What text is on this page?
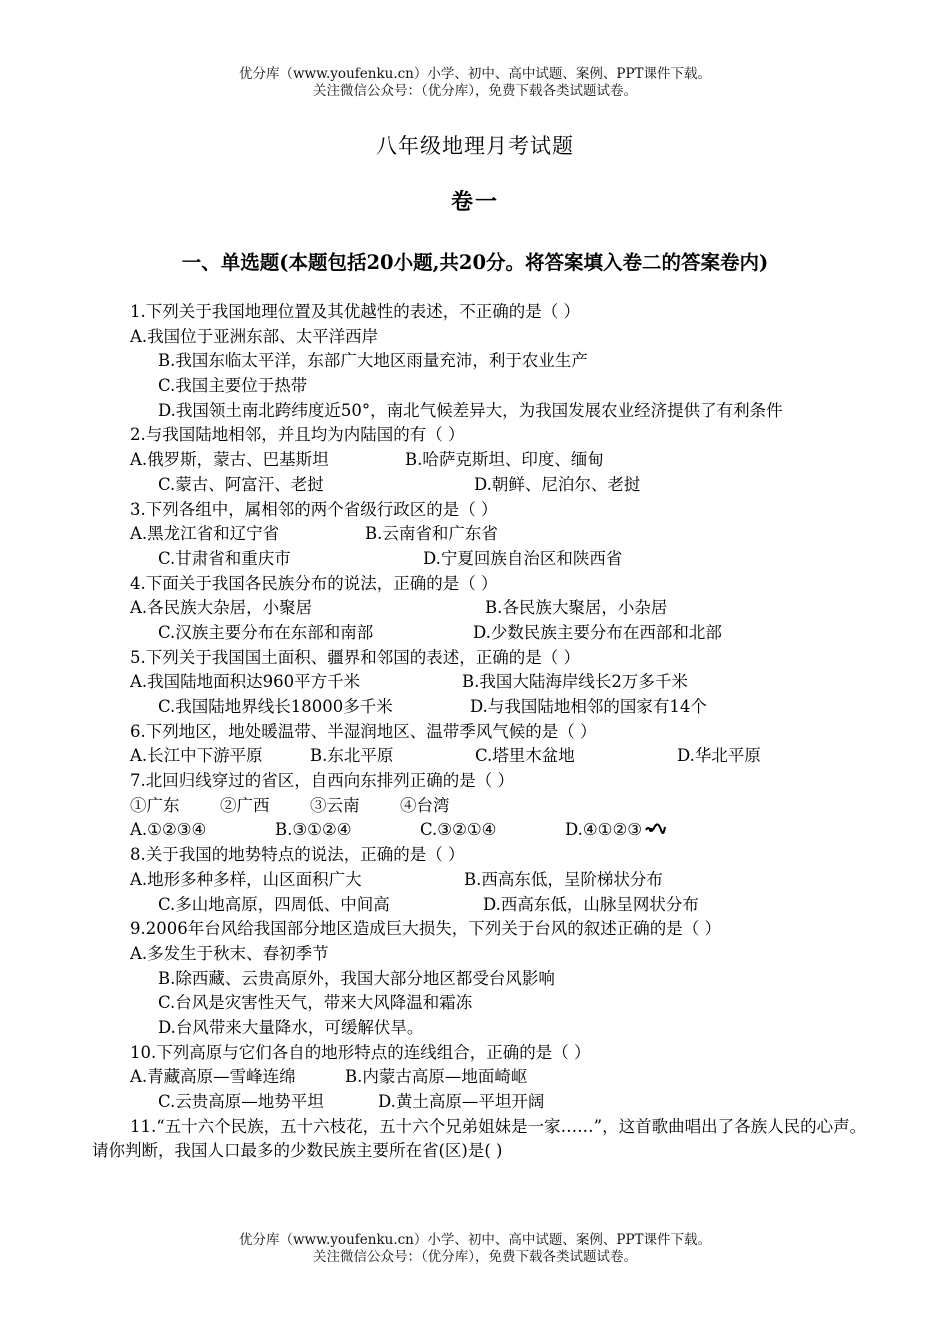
优分库（www.youfenku.cn）小学、初中、高中试题、案例、PPT课件下载。
关注微信公众号：（优分库），免费下载各类试题试卷。
八年级地理月考试题
卷一
一、单选题(本题包括20小题,共20分。将答案填入卷二的答案卷内)
1.下列关于我国地理位置及其优越性的表述，不正确的是（ ）
A.我国位于亚洲东部、太平洋西岸
B.我国东临太平洋，东部广大地区雨量充沛，利于农业生产
C.我国主要位于热带
D.我国领土南北跨纬度近50°，南北气候差异大，为我国发展农业经济提供了有利条件
2.与我国陆地相邻，并且均为内陆国的有（ ）
A.俄罗斯，蒙古、巴基斯坦	B.哈萨克斯坦、印度、缅甸
C.蒙古、阿富汗、老挝	D.朝鲜、尼泊尔、老挝
3.下列各组中，属相邻的两个省级行政区的是（ ）
A.黑龙江省和辽宁省	B.云南省和广东省
C.甘肃省和重庆市	D.宁夏回族自治区和陕西省
4.下面关于我国各民族分布的说法，正确的是（ ）
A.各民族大杂居，小聚居	B.各民族大聚居，小杂居
C.汉族主要分布在东部和南部	D.少数民族主要分布在西部和北部
5.下列关于我国国土面积、疆界和邻国的表述，正确的是（ ）
A.我国陆地面积达960平方千米	B.我国大陆海岸线长2万多千米
C.我国陆地界线长18000多千米	D.与我国陆地相邻的国家有14个
6.下列地区，地处暖温带、半湿润地区、温带季风气候的是（ ）
A.长江中下游平原	B.东北平原	C.塔里木盆地	D.华北平原
7.北回归线穿过的省区，自西向东排列正确的是（ ）
①广东 ②广西 ③云南 ④台湾
A.①②③④	B.③①②④	C.③②①④	D.④①②③
8.关于我国的地势特点的说法，正确的是（ ）
A.地形多种多样，山区面积广大	B.西高东低，呈阶梯状分布
C.多山地高原，四周低、中间高	D.西高东低，山脉呈网状分布
9.2006年台风给我国部分地区造成巨大损失，下列关于台风的叙述正确的是（ ）
A.多发生于秋末、春初季节
B.除西藏、云贵高原外，我国大部分地区都受台风影响
C.台风是灾害性天气，带来大风降温和霜冻
D.台风带来大量降水，可缓解伏旱。
10.下列高原与它们各自的地形特点的连线组合，正确的是（ ）
A.青藏高原—雪峰连绵	B.内蒙古高原—地面崎岖
C.云贵高原—地势平坦	D.黄土高原—平坦开阔
11.“五十六个民族，五十六枝花，五十六个兄弟姐妹是一家……”，这首歌曲唱出了各族人民的心声。请你判断，我国人口最多的少数民族主要所在省(区)是( )
优分库（www.youfenku.cn）小学、初中、高中试题、案例、PPT课件下载。
关注微信公众号：（优分库），免费下载各类试题试卷。
